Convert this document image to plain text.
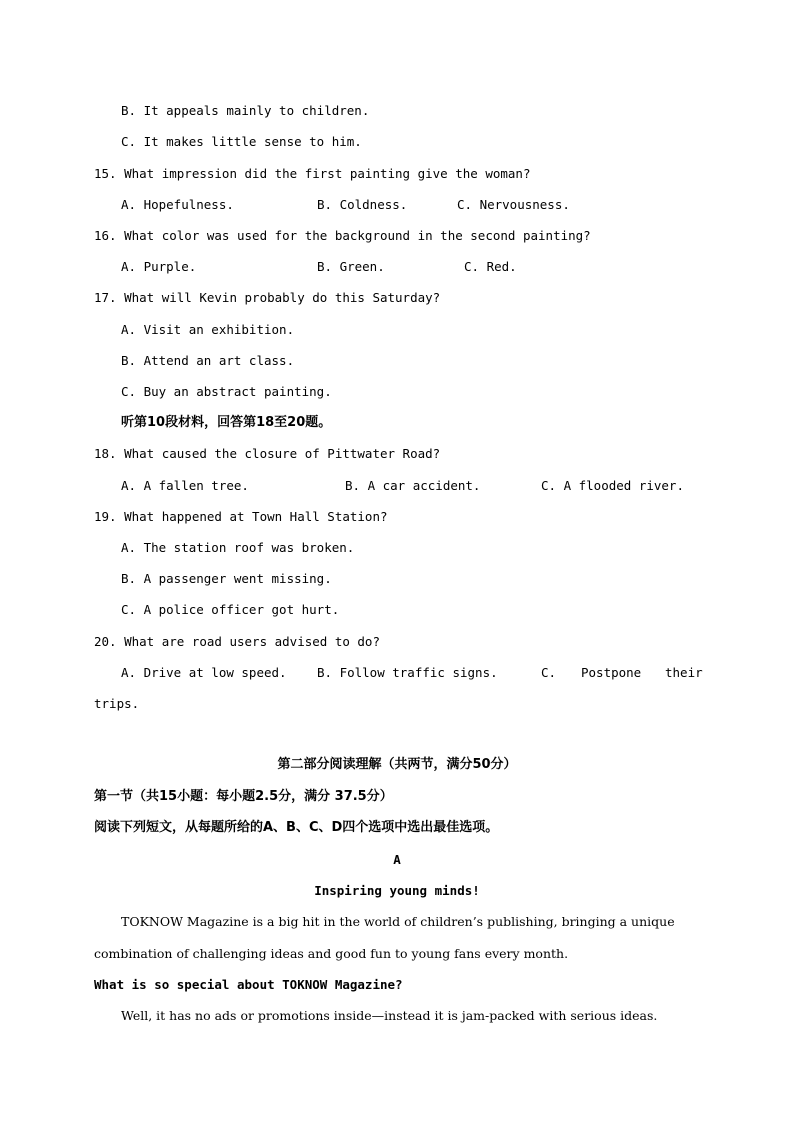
B. It appeals mainly to children.
C. It makes little sense to him.
15. What impression did the first painting give the woman?
A. Hopefulness.	B. Coldness.	C. Nervousness.
16. What color was used for the background in the second painting?
A. Purple.	B. Green.	C. Red.
17. What will Kevin probably do this Saturday?
A. Visit an exhibition.
B. Attend an art class.
C. Buy an abstract painting.
听第10段材料，回答第18至20题。
18. What caused the closure of Pittwater Road?
A. A fallen tree.	B. A car accident.	C. A flooded river.
19. What happened at Town Hall Station?
A. The station roof was broken.
B. A passenger went missing.
C. A police officer got hurt.
20. What are road users advised to do?
A. Drive at low speed. B. Follow traffic signs.	C. Postpone their
trips.
第二部分阅读理解（共两节，满分50分）
第一节（共15小题：每小题2.5分，满分 37.5分）
阅读下列短文，从每题所给的A、B、C、D四个选项中选出最佳选项。
A
Inspiring young minds!
TOKNOW Magazine is a big hit in the world of children’s publishing, bringing a unique
combination of challenging ideas and good fun to young fans every month.
What is so special about TOKNOW Magazine?
Well, it has no ads or promotions inside—instead it is jam-packed with serious ideas.
